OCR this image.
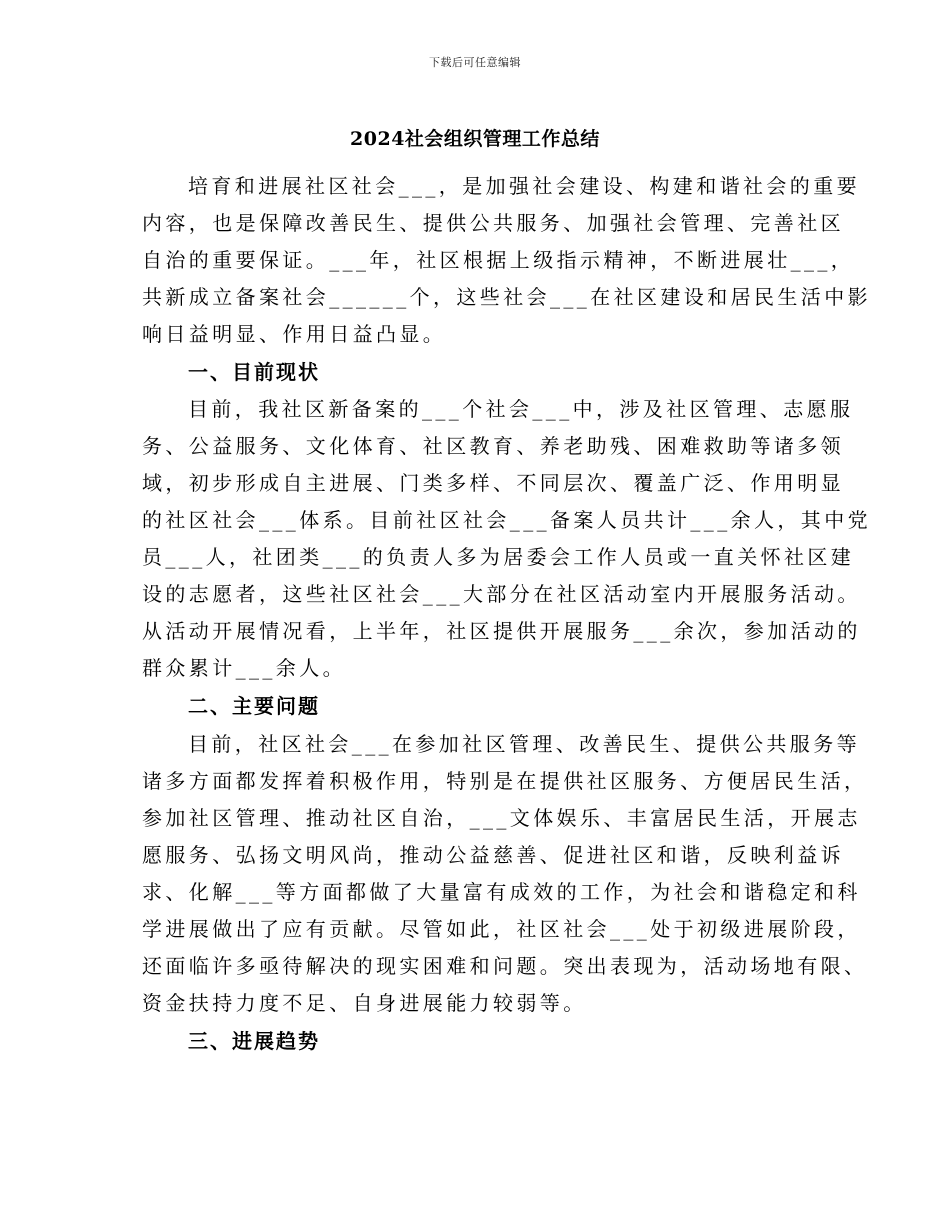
下载后可任意编辑
2024社会组织管理工作总结
培育和进展社区社会___，是加强社会建设、构建和谐社会的重要
内容，也是保障改善民生、提供公共服务、加强社会管理、完善社区
自治的重要保证。___年，社区根据上级指示精神，不断进展壮___，
共新成立备案社会______个，这些社会___在社区建设和居民生活中影
响日益明显、作用日益凸显。
一、目前现状
目前，我社区新备案的___个社会___中，涉及社区管理、志愿服
务、公益服务、文化体育、社区教育、养老助残、困难救助等诸多领
域，初步形成自主进展、门类多样、不同层次、覆盖广泛、作用明显
的社区社会___体系。目前社区社会___备案人员共计___余人，其中党
员___人，社团类___的负责人多为居委会工作人员或一直关怀社区建
设的志愿者，这些社区社会___大部分在社区活动室内开展服务活动。
从活动开展情况看，上半年，社区提供开展服务___余次，参加活动的
群众累计___余人。
二、主要问题
目前，社区社会___在参加社区管理、改善民生、提供公共服务等
诸多方面都发挥着积极作用，特别是在提供社区服务、方便居民生活，
参加社区管理、推动社区自治，___文体娱乐、丰富居民生活，开展志
愿服务、弘扬文明风尚，推动公益慈善、促进社区和谐，反映利益诉
求、化解___等方面都做了大量富有成效的工作，为社会和谐稳定和科
学进展做出了应有贡献。尽管如此，社区社会___处于初级进展阶段，
还面临许多亟待解决的现实困难和问题。突出表现为，活动场地有限、
资金扶持力度不足、自身进展能力较弱等。
三、进展趋势
